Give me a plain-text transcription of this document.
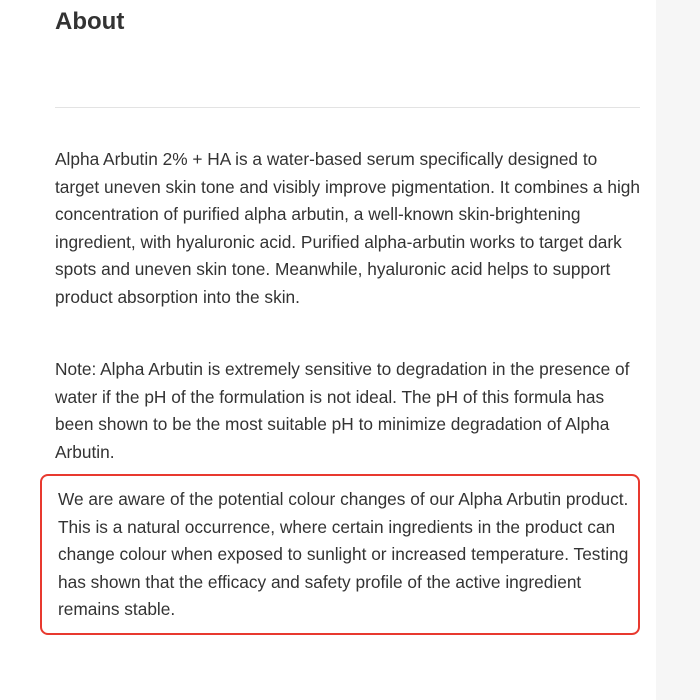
About

Alpha Arbutin 2% + HA is a water-based serum specifically designed to target uneven skin tone and visibly improve pigmentation. It combines a high concentration of purified alpha arbutin, a well-known skin-brightening ingredient, with hyaluronic acid. Purified alpha-arbutin works to target dark spots and uneven skin tone. Meanwhile, hyaluronic acid helps to support product absorption into the skin.

Note: Alpha Arbutin is extremely sensitive to degradation in the presence of water if the pH of the formulation is not ideal. The pH of this formula has been shown to be the most suitable pH to minimize degradation of Alpha Arbutin.

We are aware of the potential colour changes of our Alpha Arbutin product. This is a natural occurrence, where certain ingredients in the product can change colour when exposed to sunlight or increased temperature. Testing has shown that the efficacy and safety profile of the active ingredient remains stable.
